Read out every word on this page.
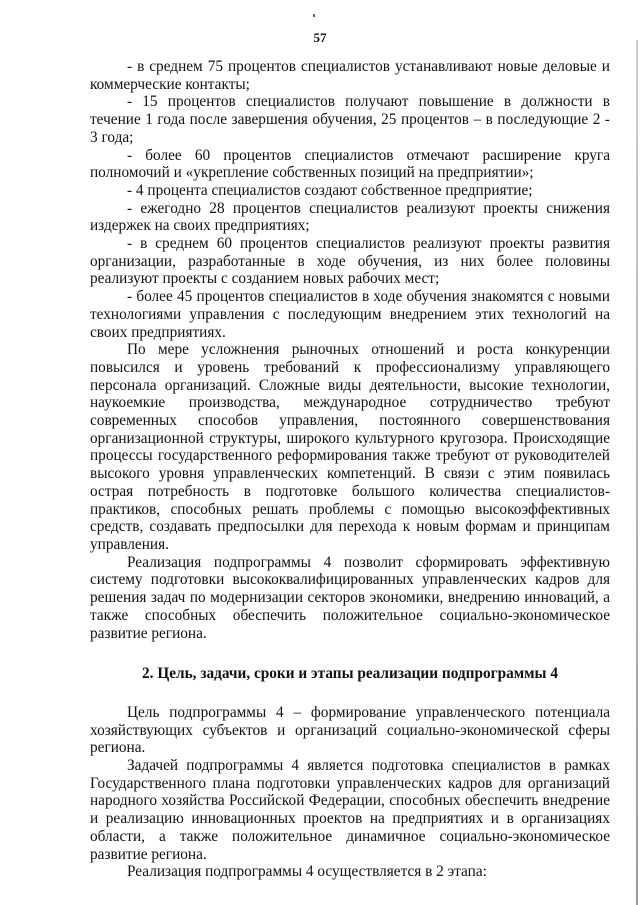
57

- в среднем 75 процентов специалистов устанавливают новые деловые и коммерческие контакты;

- 15 процентов специалистов получают повышение в должности в течение 1 года после завершения обучения, 25 процентов – в последующие 2 - 3 года;

- более 60 процентов специалистов отмечают расширение круга полномочий и «укрепление собственных позиций на предприятии»;

- 4 процента специалистов создают собственное предприятие;

- ежегодно 28 процентов специалистов реализуют проекты снижения издержек на своих предприятиях;

- в среднем 60 процентов специалистов реализуют проекты развития организации, разработанные в ходе обучения, из них более половины реализуют проекты с созданием новых рабочих мест;

- более 45 процентов специалистов в ходе обучения знакомятся с новыми технологиями управления с последующим внедрением этих технологий на своих предприятиях.

По мере усложнения рыночных отношений и роста конкуренции повысился и уровень требований к профессионализму управляющего персонала организаций. Сложные виды деятельности, высокие технологии, наукоемкие производства, международное сотрудничество требуют современных способов управления, постоянного совершенствования организационной структуры, широкого культурного кругозора. Происходящие процессы государственного реформирования также требуют от руководителей высокого уровня управленческих компетенций. В связи с этим появилась острая потребность в подготовке большого количества специалистов-практиков, способных решать проблемы с помощью высокоэффективных средств, создавать предпосылки для перехода к новым формам и принципам управления.

Реализация подпрограммы 4 позволит сформировать эффективную систему подготовки высококвалифицированных управленческих кадров для решения задач по модернизации секторов экономики, внедрению инноваций, а также способных обеспечить положительное социально-экономическое развитие региона.

2. Цель, задачи, сроки и этапы реализации подпрограммы 4

Цель подпрограммы 4 – формирование управленческого потенциала хозяйствующих субъектов и организаций социально-экономической сферы региона.

Задачей подпрограммы 4 является подготовка специалистов в рамках Государственного плана подготовки управленческих кадров для организаций народного хозяйства Российской Федерации, способных обеспечить внедрение и реализацию инновационных проектов на предприятиях и в организациях области, а также положительное динамичное социально-экономическое развитие региона.

Реализация подпрограммы 4 осуществляется в 2 этапа:
